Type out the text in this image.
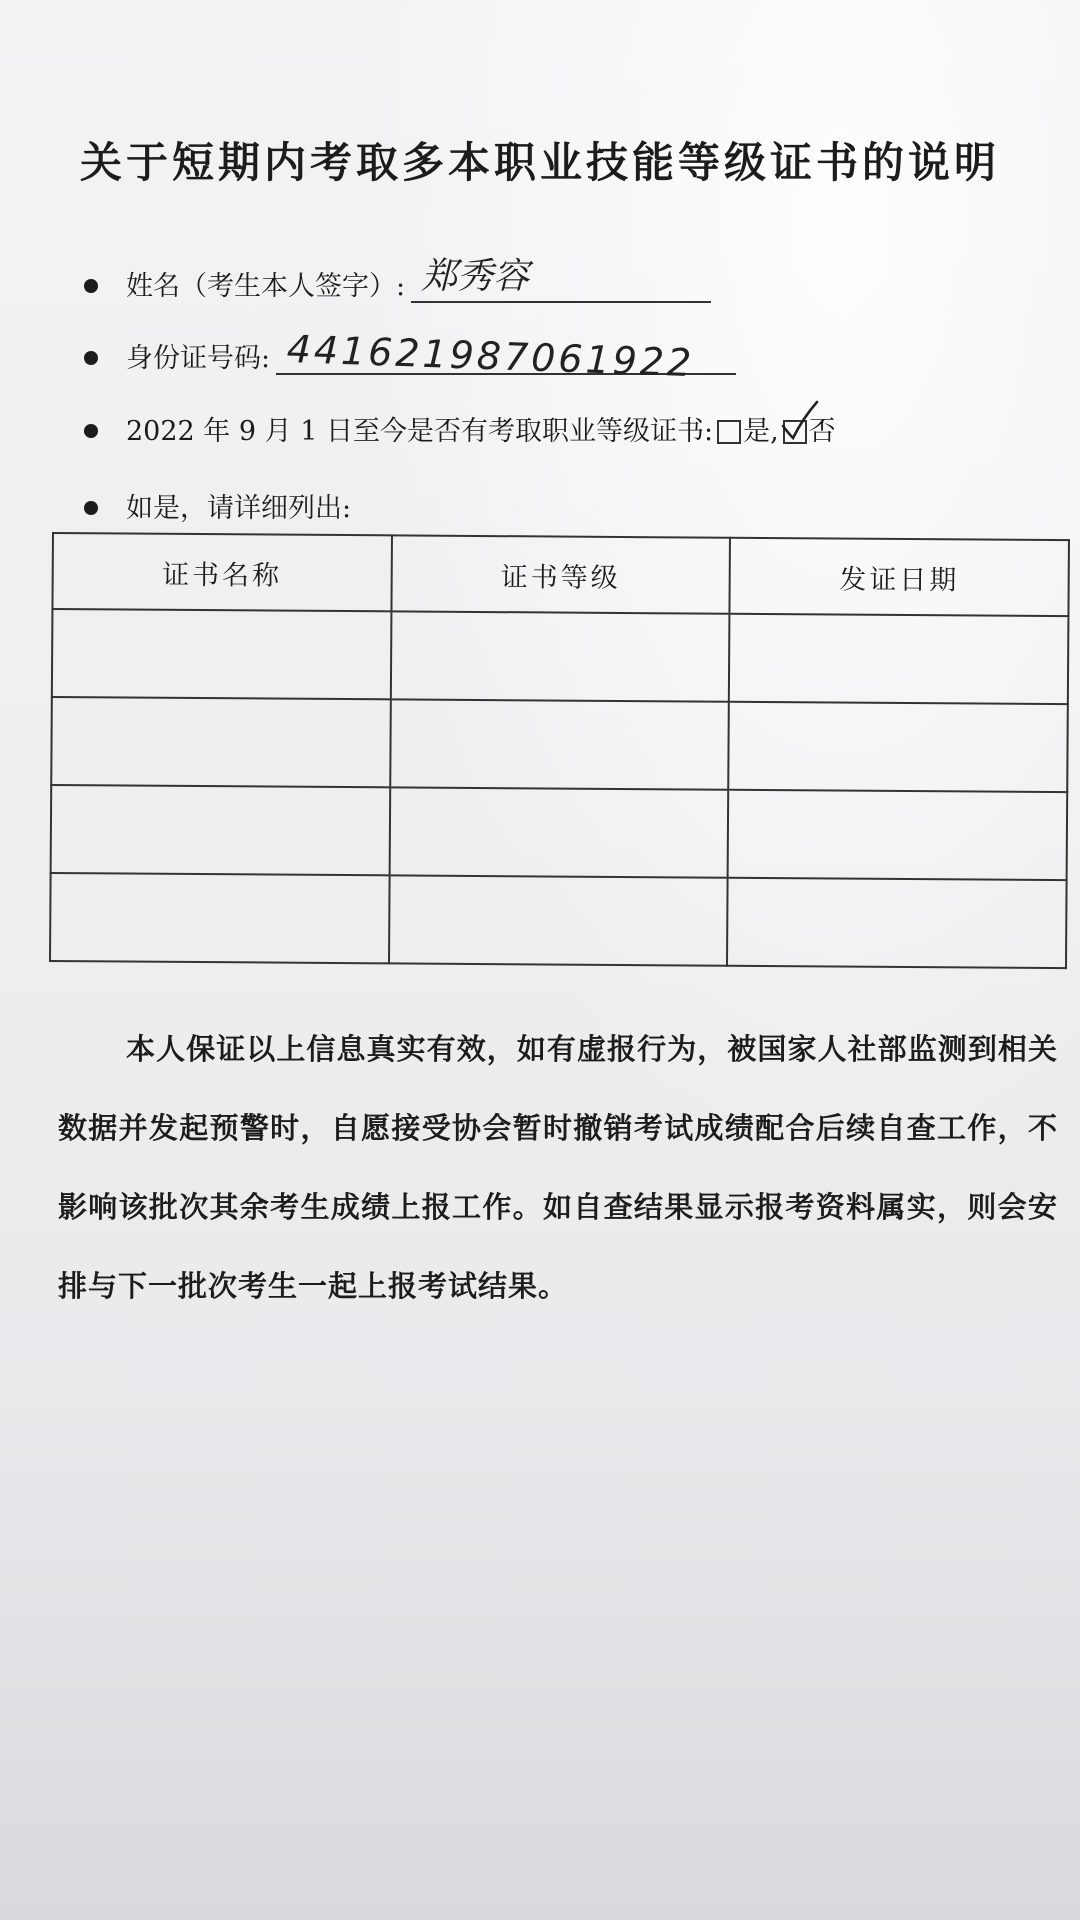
关于短期内考取多本职业技能等级证书的说明
姓名（考生本人签字）: 郑秀容
身份证号码: 441621987061922
2022 年 9 月 1 日至今是否有考取职业等级证书: 是, 否
如是，请详细列出:
证书名称	证书等级	发证日期

本人保证以上信息真实有效，如有虚报行为，被国家人社部监测到相关数据并发起预警时，自愿接受协会暂时撤销考试成绩配合后续自查工作，不影响该批次其余考生成绩上报工作。如自查结果显示报考资料属实，则会安排与下一批次考生一起上报考试结果。
